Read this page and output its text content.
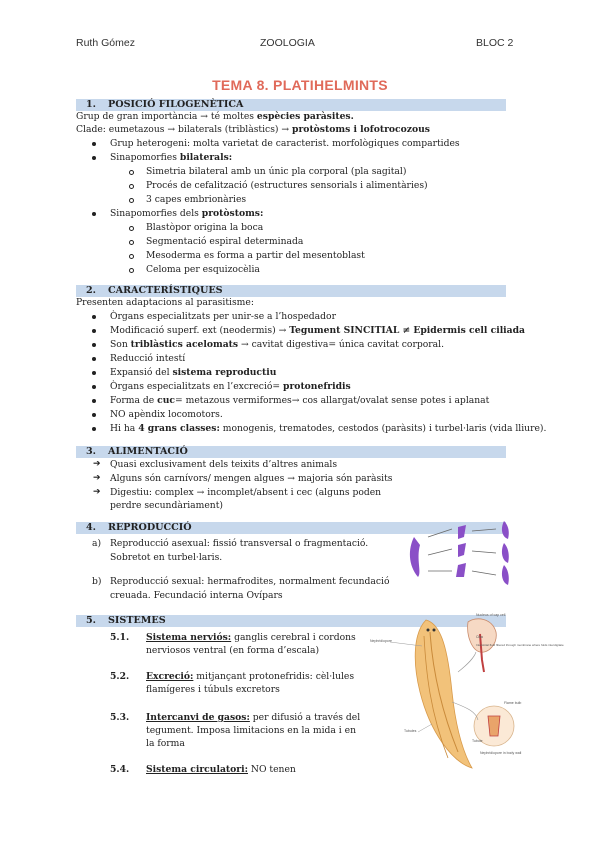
Ruth Gómez	ZOOLOGIA	BLOC 2
TEMA 8. PLATIHELMINTS
1. POSICIÓ FILOGENÈTICA
Grup de gran importància → té moltes espècies paràsites.
Clade: eumetazous → bilaterals (triblàstics) → protòstoms i lofotrocozous
Grup heterogeni: molta varietat de caracterist. morfològiques compartides
Sinapomorfies bilaterals:
Simetria bilateral amb un únic pla corporal (pla sagital)
Procés de cefalització (estructures sensorials i alimentàries)
3 capes embrionàries
Sinapomorfies dels protòstoms:
Blastòpor origina la boca
Segmentació espiral determinada
Mesoderma es forma a partir del mesentoblast
Celoma per esquizocèlia
2. CARACTERÍSTIQUES
Presenten adaptacions al parasitisme:
Òrgans especialitzats per unir-se a l’hospedador
Modificació superf. ext (neodermis) → Tegument SINCITIAL ≠ Epidermis cell ciliada
Son triblàstics acelomats → cavitat digestiva= única cavitat corporal.
Reducció intestí
Expansió del sistema reproductiu
Òrgans especialitzats en l’excreció= protonefridis
Forma de cuc= metazous vermiformes→ cos allargat/ovalat sense potes i aplanat
NO apèndix locomotors.
Hi ha 4 grans classes: monogenis, trematodes, cestodos (paràsits) i turbel·laris (vida lliure).
3. ALIMENTACIÓ
➔ Quasi exclusivament dels teixits d’altres animals
➔ Alguns són carnívors/ mengen algues → majoria són paràsits
➔ Digestiu: complex → incomplet/absent i cec (alguns poden
perdre secundàriament)
4. REPRODUCCIÓ
a) Reproducció asexual: fissió transversal o fragmentació.
Sobretot en turbel·laris.
b) Reproducció sexual: hermafrodites, normalment fecundació
creuada. Fecundació interna Ovípars
5. SISTEMES
5.1. Sistema nerviós: ganglis cerebral i cordons
nerviosos ventral (en forma d’escala)
5.2. Excreció: mitjançant protonefridis: cèl·lules
flamígeres i túbuls excretors
5.3. Intercanvi de gasos: per difusió a través del
tegument. Imposa limitacions en la mida i en
la forma
5.4. Sistema circulatori: NO tenen
Nucleus of cap cell
Cilia
Interstitial fluid filtered through membrane where folds interdigitate
Flame bulb
Tubule
Nephridiopore in body wall
Nephridiopore
Tubules
